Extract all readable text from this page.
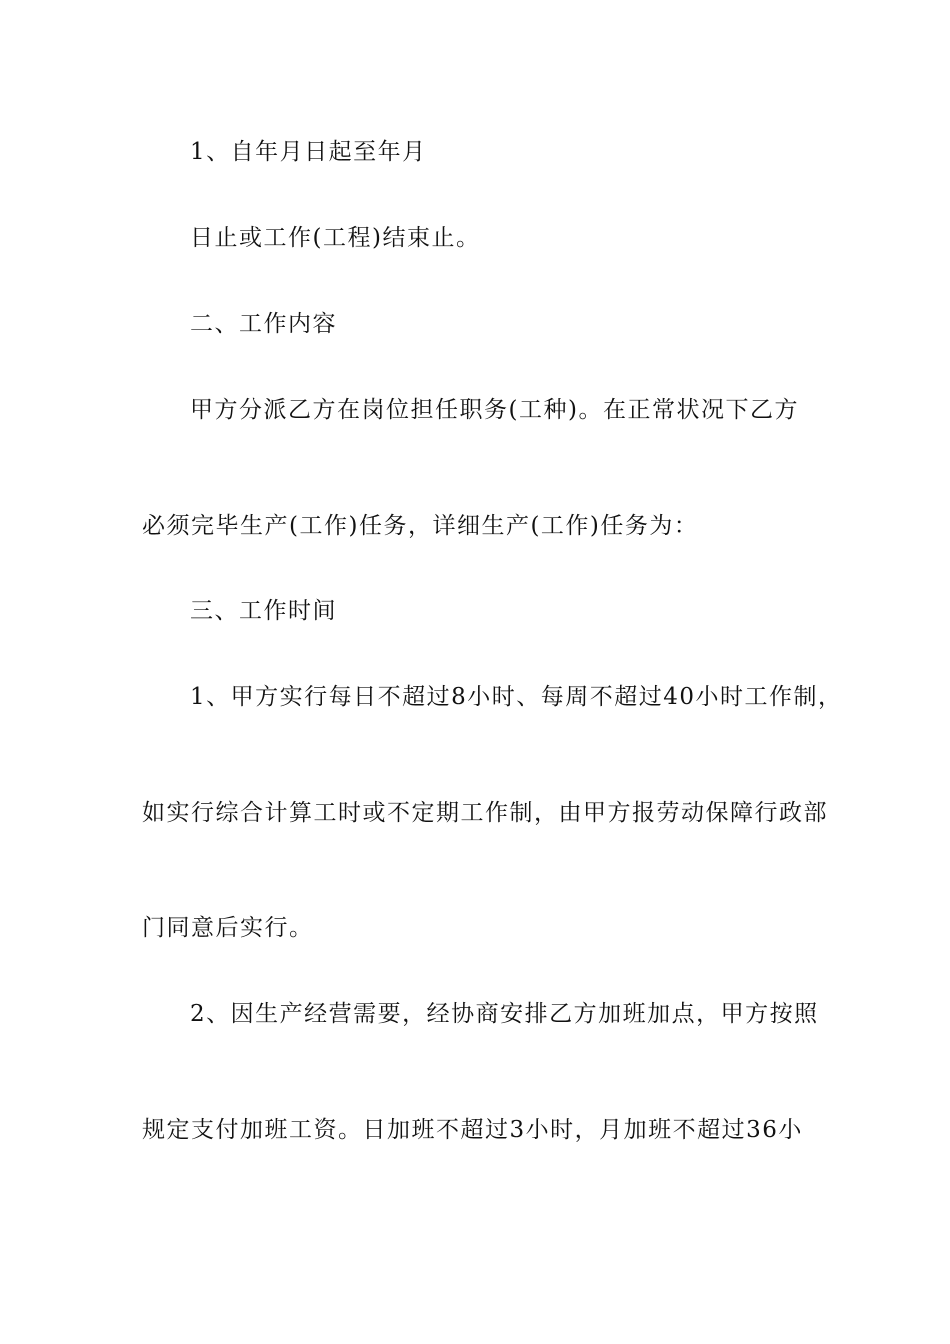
1、自年月日起至年月
日止或工作(工程)结束止。
二、工作内容
甲方分派乙方在岗位担任职务(工种)。在正常状况下乙方
必须完毕生产(工作)任务，详细生产(工作)任务为：
三、工作时间
1、甲方实行每日不超过8小时、每周不超过40小时工作制，
如实行综合计算工时或不定期工作制，由甲方报劳动保障行政部
门同意后实行。
2、因生产经营需要，经协商安排乙方加班加点，甲方按照
规定支付加班工资。日加班不超过3小时，月加班不超过36小
